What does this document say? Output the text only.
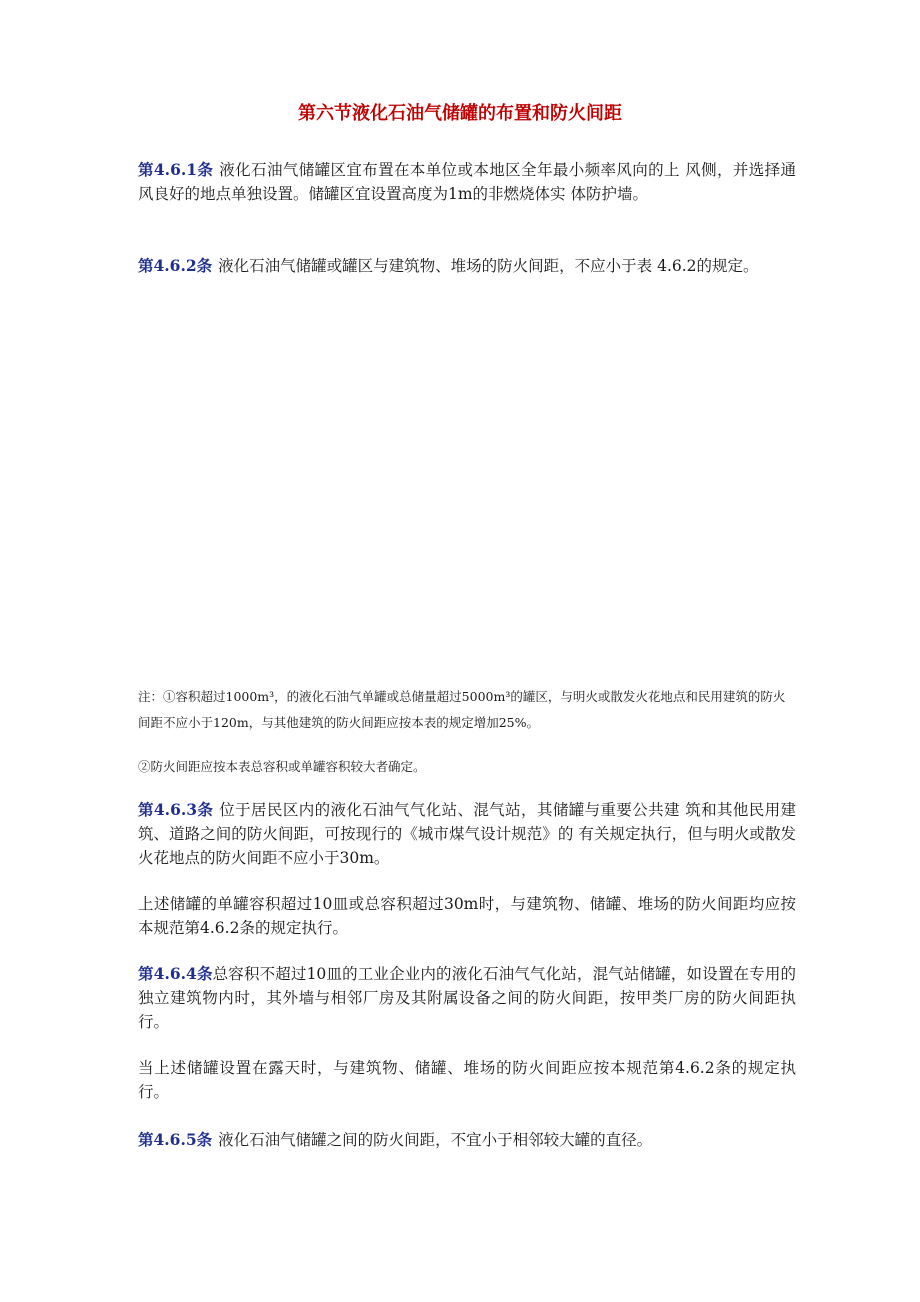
第六节液化石油气储罐的布置和防火间距

第4.6.1条 液化石油气储罐区宜布置在本单位或本地区全年最小频率风向的上 风侧，并选择通风良好的地点单独设置。储罐区宜设置高度为1m的非燃烧体实 体防护墙。

第4.6.2条 液化石油气储罐或罐区与建筑物、堆场的防火间距，不应小于表 4.6.2的规定。

注：①容积超过1000m³，的液化石油气单罐或总储量超过5000m³的罐区，与明火或散发火花地点和民用建筑的防火间距不应小于120m，与其他建筑的防火间距应按本表的规定增加25%。

②防火间距应按本表总容积或单罐容积较大者确定。

第4.6.3条 位于居民区内的液化石油气气化站、混气站，其储罐与重要公共建 筑和其他民用建筑、道路之间的防火间距，可按现行的《城市煤气设计规范》的 有关规定执行，但与明火或散发火花地点的防火间距不应小于30m。

上述储罐的单罐容积超过10皿或总容积超过30m时，与建筑物、储罐、堆场的防火间距均应按本规范第4.6.2条的规定执行。

第4.6.4条总容积不超过10皿的工业企业内的液化石油气气化站，混气站储罐，如设置在专用的独立建筑物内时，其外墙与相邻厂房及其附属设备之间的防火间距，按甲类厂房的防火间距执行。

当上述储罐设置在露天时，与建筑物、储罐、堆场的防火间距应按本规范第4.6.2条的规定执行。

第4.6.5条 液化石油气储罐之间的防火间距，不宜小于相邻较大罐的直径。
